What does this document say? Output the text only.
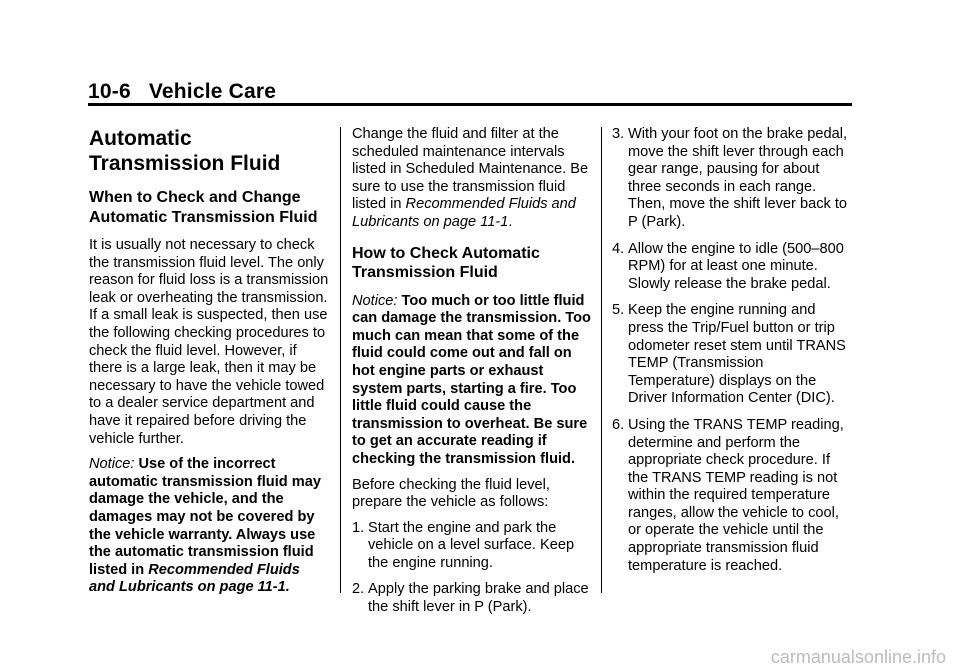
10-6 Vehicle Care
Automatic Transmission Fluid
When to Check and Change Automatic Transmission Fluid

It is usually not necessary to check the transmission fluid level. The only reason for fluid loss is a transmission leak or overheating the transmission. If a small leak is suspected, then use the following checking procedures to check the fluid level. However, if there is a large leak, then it may be necessary to have the vehicle towed to a dealer service department and have it repaired before driving the vehicle further.

Notice: Use of the incorrect automatic transmission fluid may damage the vehicle, and the damages may not be covered by the vehicle warranty. Always use the automatic transmission fluid listed in Recommended Fluids and Lubricants on page 11-1.

Change the fluid and filter at the scheduled maintenance intervals listed in Scheduled Maintenance. Be sure to use the transmission fluid listed in Recommended Fluids and Lubricants on page 11-1.

How to Check Automatic Transmission Fluid

Notice: Too much or too little fluid can damage the transmission. Too much can mean that some of the fluid could come out and fall on hot engine parts or exhaust system parts, starting a fire. Too little fluid could cause the transmission to overheat. Be sure to get an accurate reading if checking the transmission fluid.

Before checking the fluid level, prepare the vehicle as follows:

1. Start the engine and park the vehicle on a level surface. Keep the engine running.
2. Apply the parking brake and place the shift lever in P (Park).
3. With your foot on the brake pedal, move the shift lever through each gear range, pausing for about three seconds in each range. Then, move the shift lever back to P (Park).
4. Allow the engine to idle (500–800 RPM) for at least one minute. Slowly release the brake pedal.
5. Keep the engine running and press the Trip/Fuel button or trip odometer reset stem until TRANS TEMP (Transmission Temperature) displays on the Driver Information Center (DIC).
6. Using the TRANS TEMP reading, determine and perform the appropriate check procedure. If the TRANS TEMP reading is not within the required temperature ranges, allow the vehicle to cool, or operate the vehicle until the appropriate transmission fluid temperature is reached.
carmanualsonline.info
